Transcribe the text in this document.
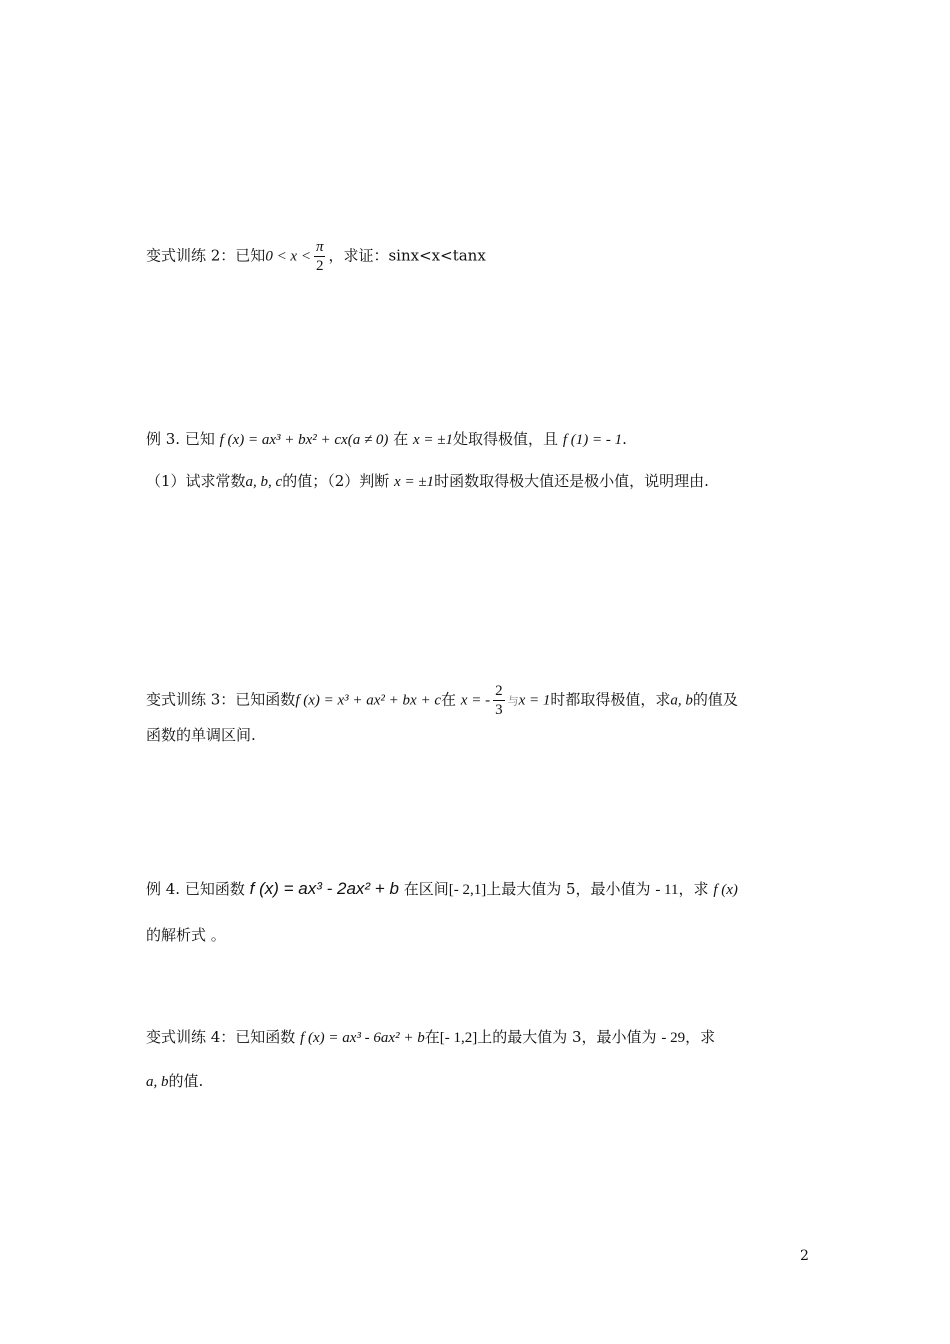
变式训练 2：已知$0 < x < \frac{\pi}{2}$ ，求证：sinx<x<tanx
例 3. 已知 f (x) = ax³ + bx² + cx(a ≠ 0) 在 x = ±1处取得极值，且 f (1) = - 1.
（1）试求常数a, b, c的值；（2）判断 x = ±1时函数取得极大值还是极小值，说明理由.
变式训练 3：已知函数f (x) = x³ + ax² + bx + c在 x = - $\frac{2}{3}$ 与x = 1时都取得极值，求a, b的值及
函数的单调区间.
例 4. 已知函数 f (x) = ax³ - 2ax² + b 在区间[- 2,1]上最大值为 5，最小值为 - 11，求 f (x)
的解析式 。
变式训练 4：已知函数 f (x) = ax³ - 6ax² + b在[- 1,2]上的最大值为 3，最小值为 - 29，求
a, b的值.
2
